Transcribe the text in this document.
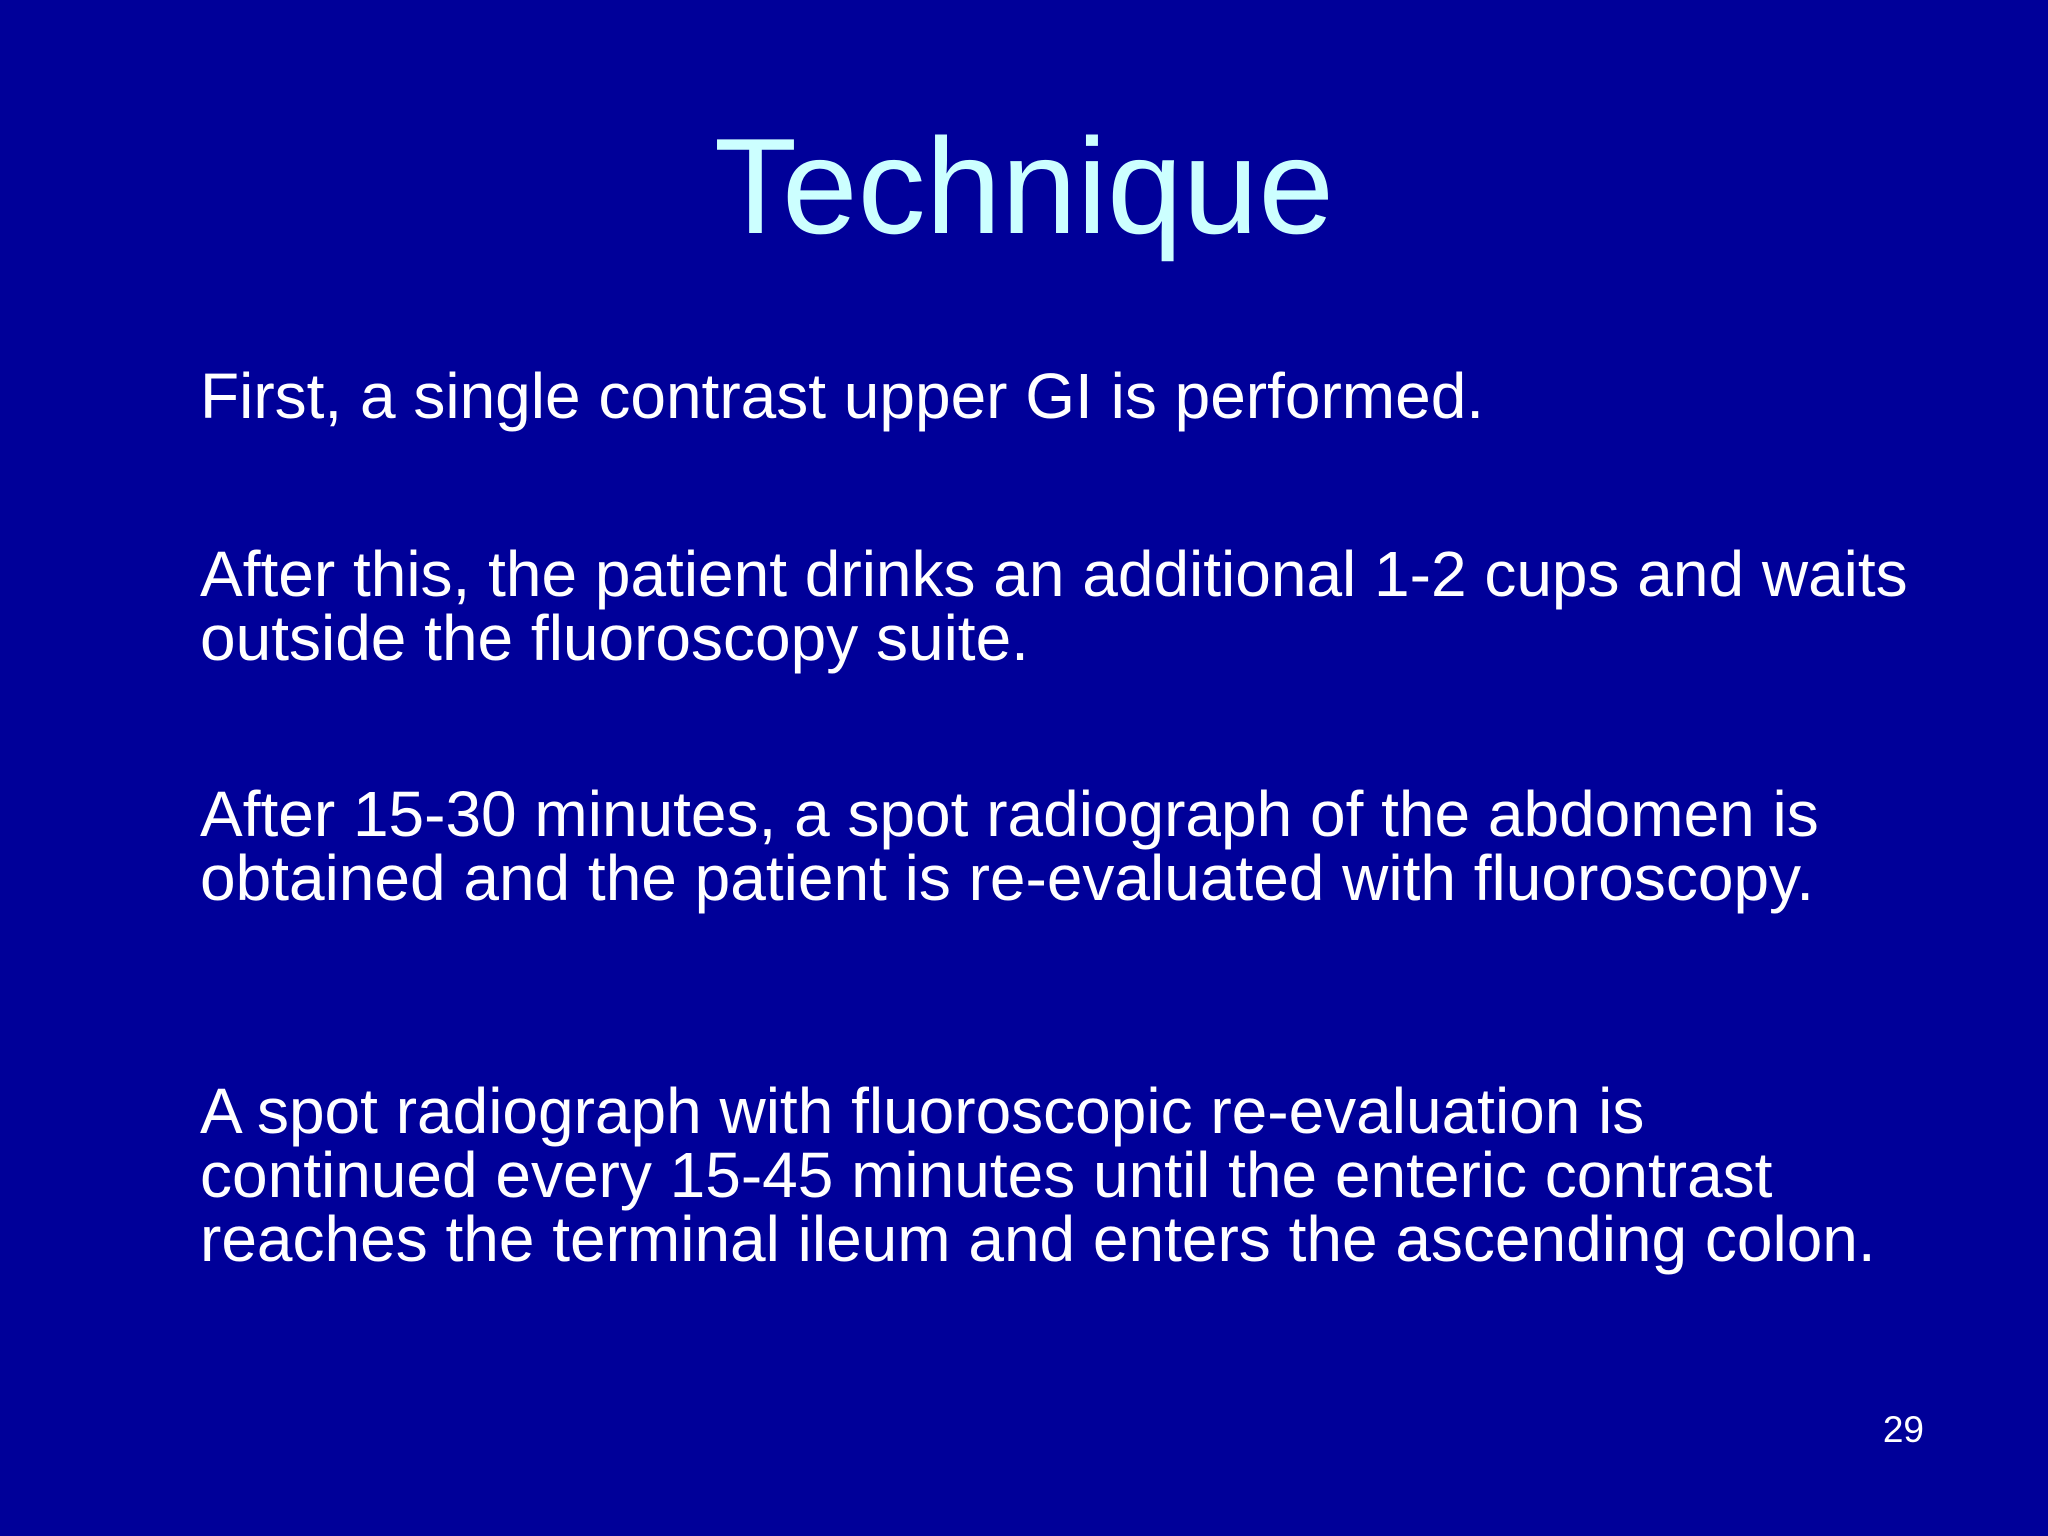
Technique

First, a single contrast upper GI is performed.

After this, the patient drinks an additional 1-2 cups and waits outside the fluoroscopy suite.

After 15-30 minutes, a spot radiograph of the abdomen is obtained and the patient is re-evaluated with fluoroscopy.

A spot radiograph with fluoroscopic re-evaluation is continued every 15-45 minutes until the enteric contrast reaches the terminal ileum and enters the ascending colon.

29
